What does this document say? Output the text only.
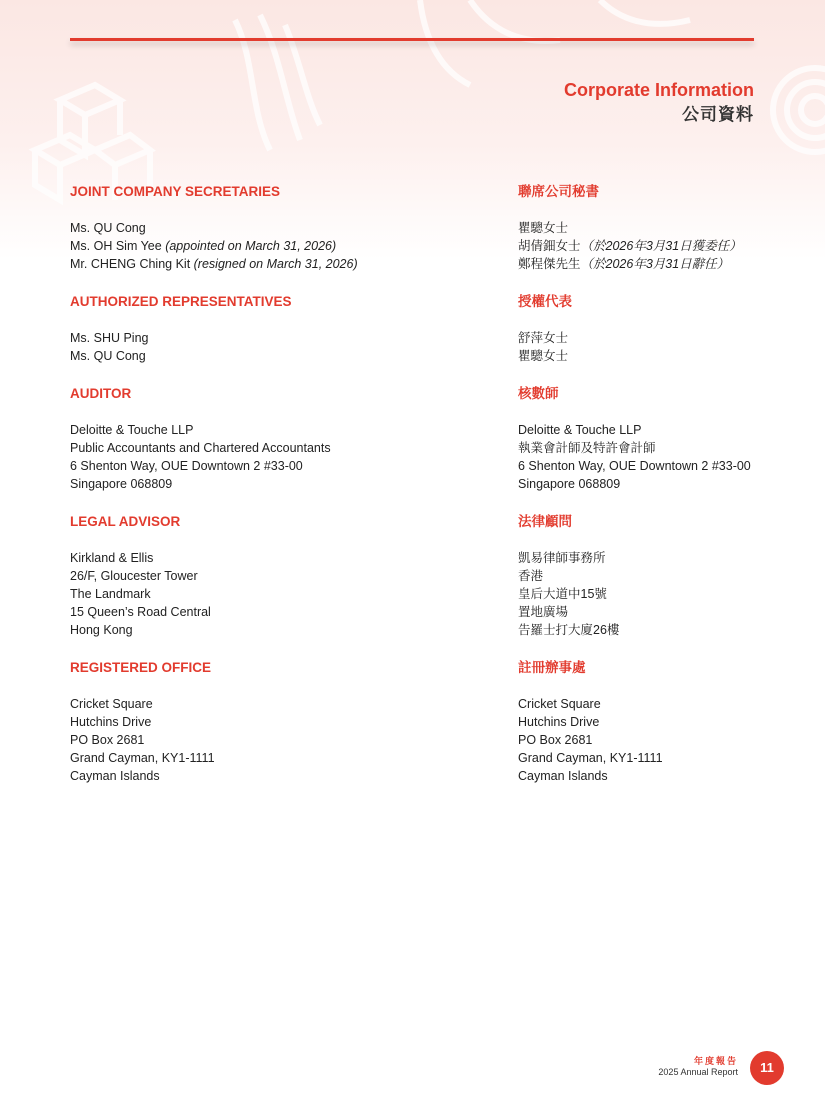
Corporate Information
公司資料
JOINT COMPANY SECRETARIES
Ms. QU Cong
Ms. OH Sim Yee (appointed on March 31, 2026)
Mr. CHENG Ching Kit (resigned on March 31, 2026)
AUTHORIZED REPRESENTATIVES
Ms. SHU Ping
Ms. QU Cong
AUDITOR
Deloitte & Touche LLP
Public Accountants and Chartered Accountants
6 Shenton Way, OUE Downtown 2 #33-00
Singapore 068809
LEGAL ADVISOR
Kirkland & Ellis
26/F, Gloucester Tower
The Landmark
15 Queen’s Road Central
Hong Kong
REGISTERED OFFICE
Cricket Square
Hutchins Drive
PO Box 2681
Grand Cayman, KY1-1111
Cayman Islands
聯席公司秘書
瞿驄女士
胡倩鈿女士（於2026年3月31日獲委任）
鄭程傑先生（於2026年3月31日辭任）
授權代表
舒萍女士
瞿驄女士
核數師
Deloitte & Touche LLP
執業會計師及特許會計師
6 Shenton Way, OUE Downtown 2 #33-00
Singapore 068809
法律顧問
凱易律師事務所
香港
皇后大道中15號
置地廣場
告羅士打大廈26樓
註冊辦事處
Cricket Square
Hutchins Drive
PO Box 2681
Grand Cayman, KY1-1111
Cayman Islands
年度報告
2025 Annual Report	11
